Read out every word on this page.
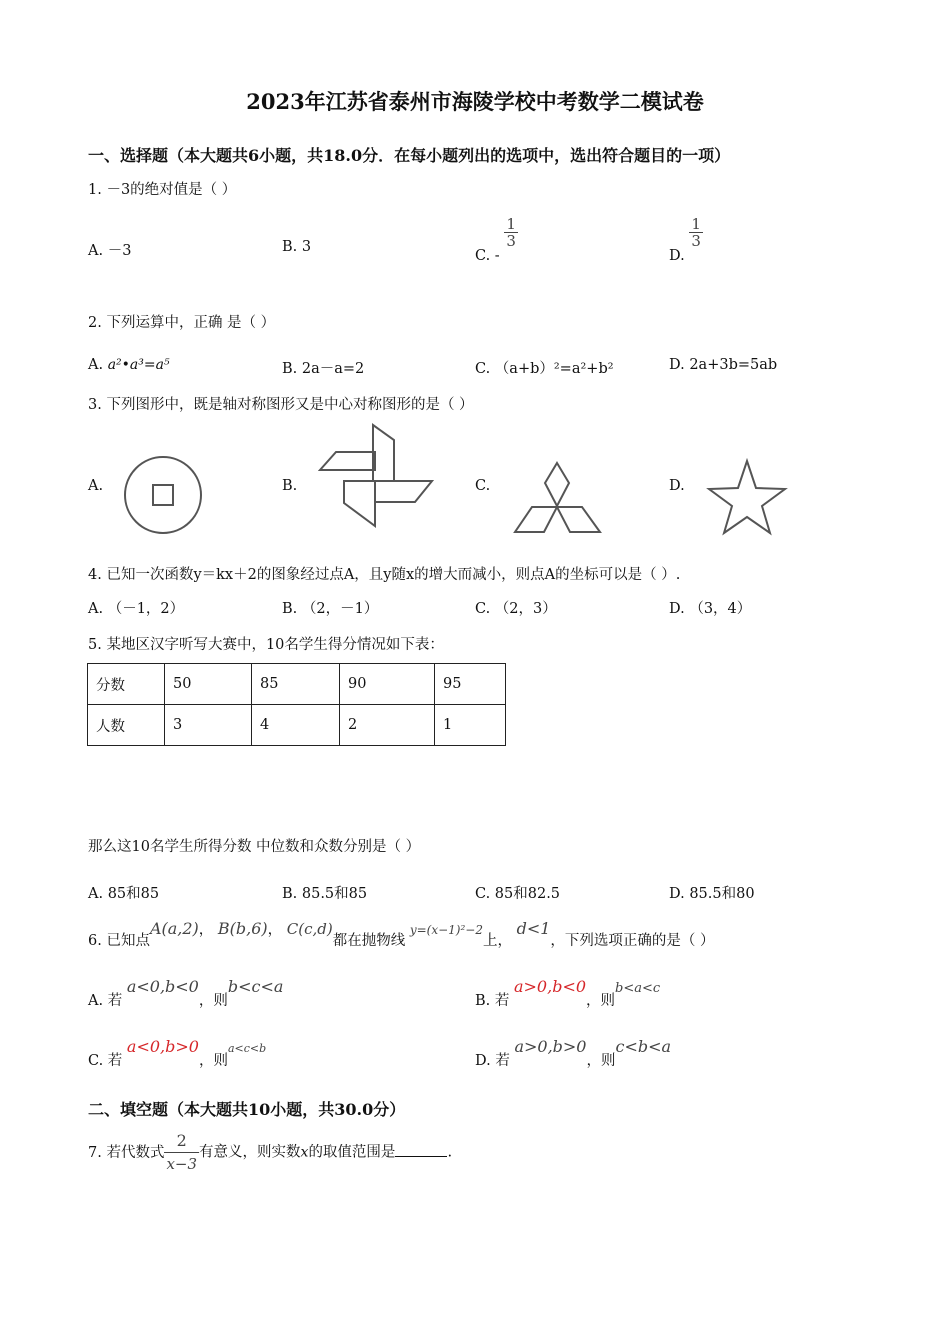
2023年江苏省泰州市海陵学校中考数学二模试卷
一、选择题（本大题共6小题，共18.0分．在每小题列出的选项中，选出符合题目的一项）
1. －3的绝对值是（ ）
A. －3	B. 3
C. -
$\frac{1}{3}$
D.
$\frac{1}{3}$
2. 下列运算中，正确 是（ ）
A. a²•a³=a⁵	B. 2a－a=2	C. （a+b）²=a²+b²	D. 2a+3b=5ab
3. 下列图形中，既是轴对称图形又是中心对称图形的是（ ）
A.	B.	C.	D.
4. 已知一次函数y＝kx＋2的图象经过点A，且y随x的增大而减小，则点A的坐标可以是（ ）.
A. （－1，2）	B. （2，－1）	C. （2，3）	D. （3，4）
5. 某地区汉字听写大赛中，10名学生得分情况如下表：
分数	50	85	90	95
人数	3	4	2	1
那么这10名学生所得分数 中位数和众数分别是（ ）
A. 85和85	B. 85.5和85	C. 85和82.5	D. 85.5和80
6. 已知点A(a,2)， B(b,6)， C(c,d)都在抛物线 y=(x−1)²−2上， d<1，下列选项正确的是（ ）
A. 若 a<0,b<0，则b<c<a
B. 若 a>0,b<0，则b<a<c
C. 若 a<0,b>0，则a<c<b
D. 若 a>0,b>0，则c<b<a
二、填空题（本大题共10小题，共30.0分）
7. 若代数式 $\frac{2}{x-3}$ 有意义，则实数x的取值范围是	.
